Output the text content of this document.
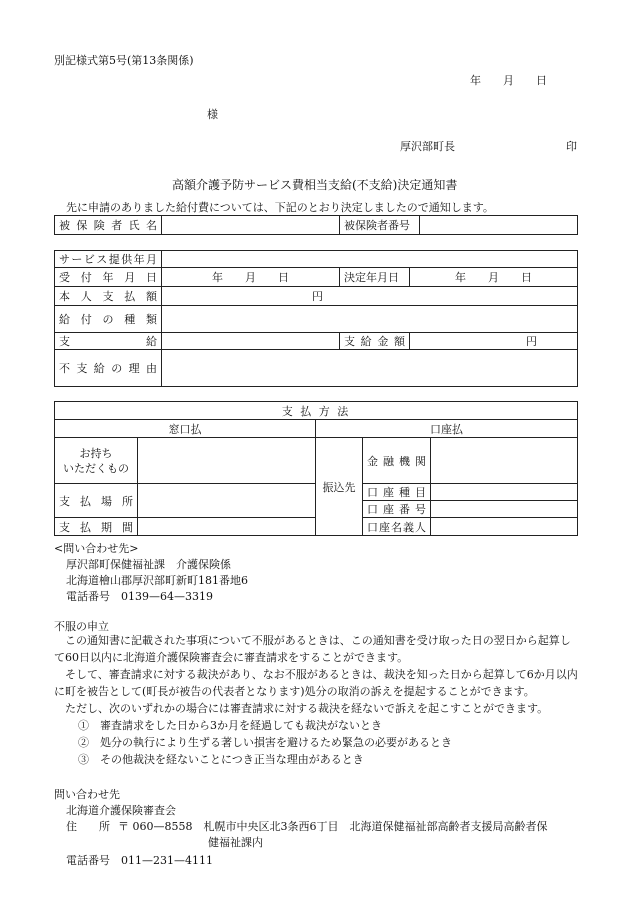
別記様式第5号(第13条関係)
年　　月　　日
様
厚沢部町長	印
高額介護予防サービス費相当支給(不支給)決定通知書
先に申請のありました給付費については、下記のとおり決定しましたので通知します。
被保険者氏名		被保険者番号	
サービス提供年月			
受付年月日	年　　月　　日	決定年月日	年　　月　　日
本人支払額	円		
給付の種類			
支給		支給金額	円
不支給の理由			
支 払 方 法				
窓口払		口座払		

お持ち
いただくもの		振込先	金融機関	
支払場所			口座種目	
			口座番号	

支払期間			口座名義人	

<問い合わせ先>
厚沢部町保健福祉課　介護保険係
北海道檜山郡厚沢部町新町181番地6
電話番号　0139—64—3319
不服の申立

この通知書に記載された事項について不服があるときは、この通知書を受け取った日の翌日から起算して60日以内に北海道介護保険審査会に審査請求をすることができます。

そして、審査請求に対する裁決があり、なお不服があるときは、裁決を知った日から起算して6か月以内に町を被告として(町長が被告の代表者となります)処分の取消の訴えを提起することができます。

ただし、次のいずれかの場合には審査請求に対する裁決を経ないで訴えを起こすことができます。

①　審査請求をした日から3か月を経過しても裁決がないとき

②　処分の執行により生ずる著しい損害を避けるため緊急の必要があるとき

③　その他裁決を経ないことにつき正当な理由があるとき

問い合わせ先
北海道介護保険審査会
住　　所 〒 060—8558　札幌市中央区北3条西6丁目　北海道保健福祉部高齢者支援局高齢者保
健福祉課内
電話番号　011—231—4111
